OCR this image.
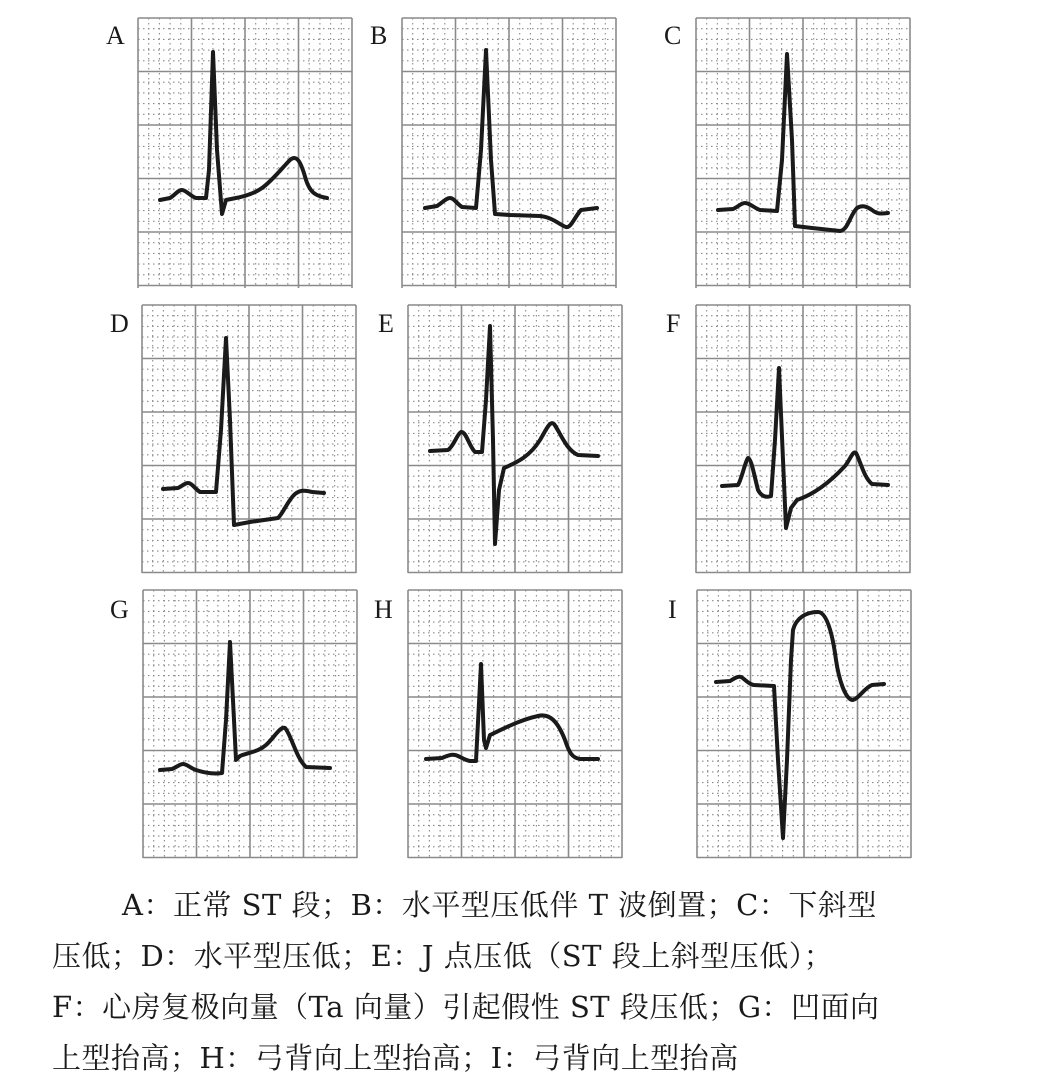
A	B	C
D	E	F
G	H	I
A：正常 ST 段；B：水平型压低伴 T 波倒置；C：下斜型
压低；D：水平型压低；E：J 点压低（ST 段上斜型压低）；
F：心房复极向量（Ta 向量）引起假性 ST 段压低；G：凹面向
上型抬高；H：弓背向上型抬高；I：弓背向上型抬高
